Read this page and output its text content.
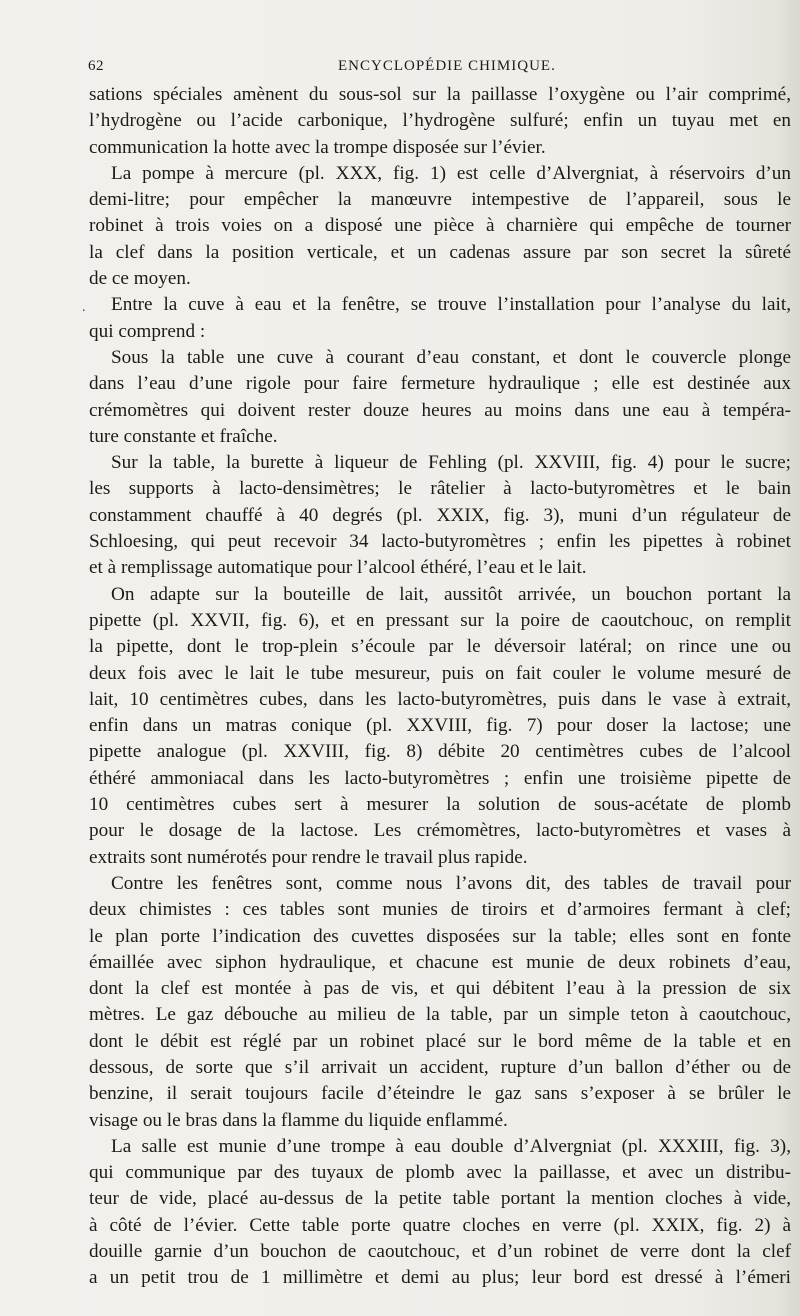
62	ENCYCLOPÉDIE CHIMIQUE.
.
sations spéciales amènent du sous-sol sur la paillasse l’oxygène ou l’air comprimé,
l’hydrogène ou l’acide carbonique, l’hydrogène sulfuré; enfin un tuyau met en
communication la hotte avec la trompe disposée sur l’évier.
La pompe à mercure (pl. XXX, fig. 1) est celle d’Alvergniat, à réservoirs d’un
demi-litre; pour empêcher la manœuvre intempestive de l’appareil, sous le
robinet à trois voies on a disposé une pièce à charnière qui empêche de tourner
la clef dans la position verticale, et un cadenas assure par son secret la sûreté
de ce moyen.
Entre la cuve à eau et la fenêtre, se trouve l’installation pour l’analyse du lait,
qui comprend :
Sous la table une cuve à courant d’eau constant, et dont le couvercle plonge
dans l’eau d’une rigole pour faire fermeture hydraulique ; elle est destinée aux
crémomètres qui doivent rester douze heures au moins dans une eau à tempéra-
ture constante et fraîche.
Sur la table, la burette à liqueur de Fehling (pl. XXVIII, fig. 4) pour le sucre;
les supports à lacto-densimètres; le râtelier à lacto-butyromètres et le bain
constamment chauffé à 40 degrés (pl. XXIX, fig. 3), muni d’un régulateur de
Schloesing, qui peut recevoir 34 lacto-butyromètres ; enfin les pipettes à robinet
et à remplissage automatique pour l’alcool éthéré, l’eau et le lait.
On adapte sur la bouteille de lait, aussitôt arrivée, un bouchon portant la
pipette (pl. XXVII, fig. 6), et en pressant sur la poire de caoutchouc, on remplit
la pipette, dont le trop-plein s’écoule par le déversoir latéral; on rince une ou
deux fois avec le lait le tube mesureur, puis on fait couler le volume mesuré de
lait, 10 centimètres cubes, dans les lacto-butyromètres, puis dans le vase à extrait,
enfin dans un matras conique (pl. XXVIII, fig. 7) pour doser la lactose; une
pipette analogue (pl. XXVIII, fig. 8) débite 20 centimètres cubes de l’alcool
éthéré ammoniacal dans les lacto-butyromètres ; enfin une troisième pipette de
10 centimètres cubes sert à mesurer la solution de sous-acétate de plomb
pour le dosage de la lactose. Les crémomètres, lacto-butyromètres et vases à
extraits sont numérotés pour rendre le travail plus rapide.
Contre les fenêtres sont, comme nous l’avons dit, des tables de travail pour
deux chimistes : ces tables sont munies de tiroirs et d’armoires fermant à clef;
le plan porte l’indication des cuvettes disposées sur la table; elles sont en fonte
émaillée avec siphon hydraulique, et chacune est munie de deux robinets d’eau,
dont la clef est montée à pas de vis, et qui débitent l’eau à la pression de six
mètres. Le gaz débouche au milieu de la table, par un simple teton à caoutchouc,
dont le débit est réglé par un robinet placé sur le bord même de la table et en
dessous, de sorte que s’il arrivait un accident, rupture d’un ballon d’éther ou de
benzine, il serait toujours facile d’éteindre le gaz sans s’exposer à se brûler le
visage ou le bras dans la flamme du liquide enflammé.
La salle est munie d’une trompe à eau double d’Alvergniat (pl. XXXIII, fig. 3),
qui communique par des tuyaux de plomb avec la paillasse, et avec un distribu-
teur de vide, placé au-dessus de la petite table portant la mention cloches à vide,
à côté de l’évier. Cette table porte quatre cloches en verre (pl. XXIX, fig. 2) à
douille garnie d’un bouchon de caoutchouc, et d’un robinet de verre dont la clef
a un petit trou de 1 millimètre et demi au plus; leur bord est dressé à l’émeri
